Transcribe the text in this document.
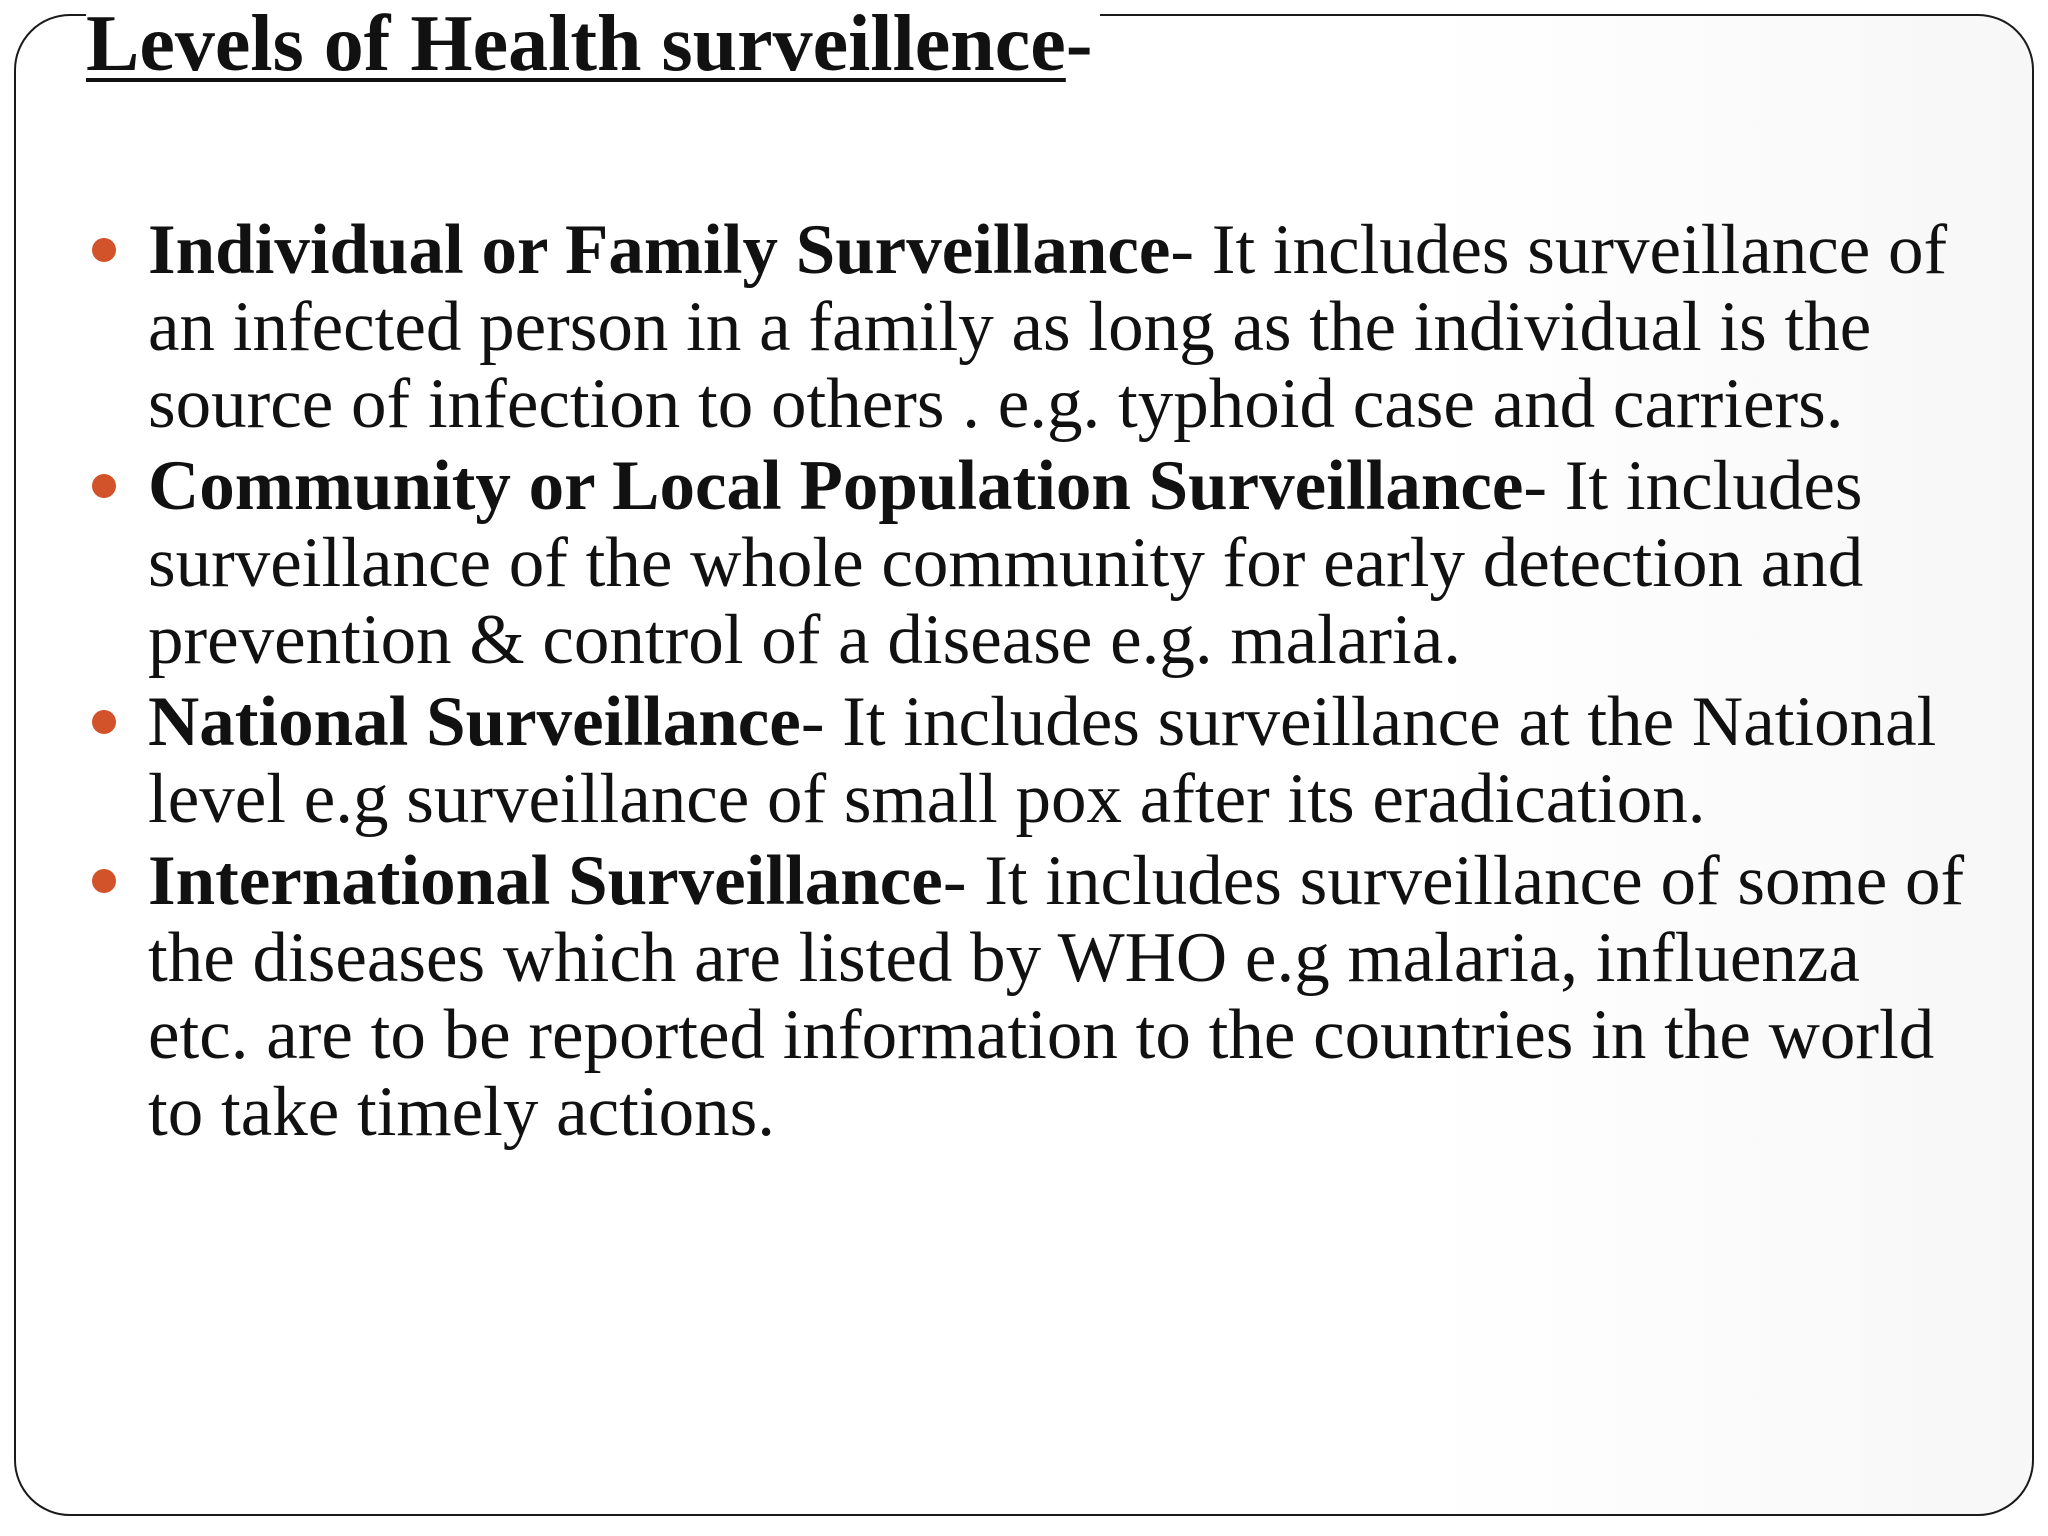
Levels of Health surveillence-
Individual or Family Surveillance- It includes surveillance of an infected person in a family as long as the individual is the source of infection to others . e.g. typhoid case and carriers.
Community or Local Population Surveillance- It includes surveillance of the whole community for early detection and prevention & control of a disease e.g. malaria.
National Surveillance- It includes surveillance at the National level e.g surveillance of small pox after its eradication.
International Surveillance- It includes surveillance of some of the diseases which are listed by WHO e.g malaria, influenza etc. are to be reported information to the countries in the world to take timely actions.
